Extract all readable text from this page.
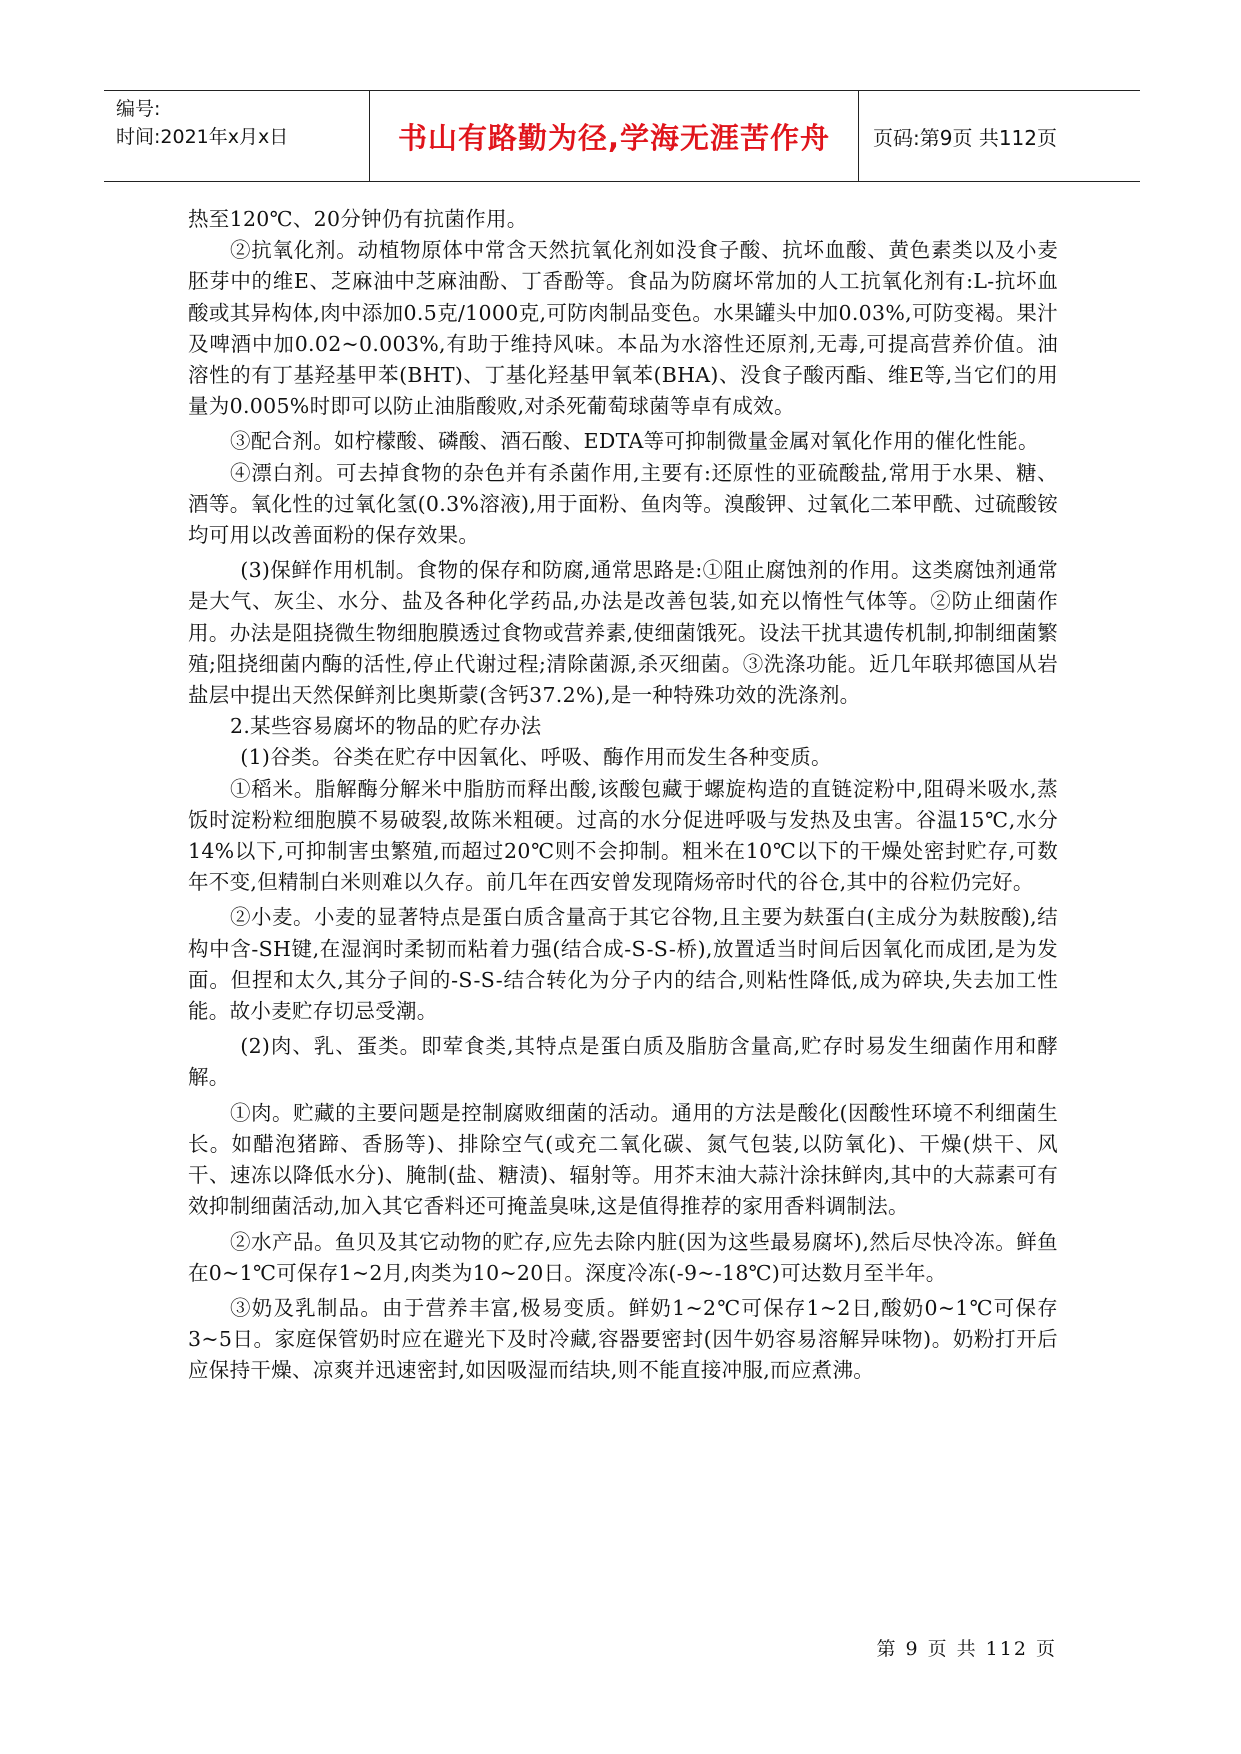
编号:
时间:2021年x月x日	书山有路勤为径,学海无涯苦作舟 页码:第9页 共112页

热至120℃、20分钟仍有抗菌作用。

②抗氧化剂。动植物原体中常含天然抗氧化剂如没食子酸、抗坏血酸、黄色素类以及小麦胚芽中的维E、芝麻油中芝麻油酚、丁香酚等。食品为防腐坏常加的人工抗氧化剂有:L-抗坏血酸或其异构体,肉中添加0.5克/1000克,可防肉制品变色。水果罐头中加0.03%,可防变褐。果汁及啤酒中加0.02~0.003%,有助于维持风味。本品为水溶性还原剂,无毒,可提高营养价值。油溶性的有丁基羟基甲苯(BHT)、丁基化羟基甲氧苯(BHA)、没食子酸丙酯、维E等,当它们的用量为0.005%时即可以防止油脂酸败,对杀死葡萄球菌等卓有成效。

③配合剂。如柠檬酸、磷酸、酒石酸、EDTA等可抑制微量金属对氧化作用的催化性能。

④漂白剂。可去掉食物的杂色并有杀菌作用,主要有:还原性的亚硫酸盐,常用于水果、糖、酒等。氧化性的过氧化氢(0.3%溶液),用于面粉、鱼肉等。溴酸钾、过氧化二苯甲酰、过硫酸铵均可用以改善面粉的保存效果。

(3)保鲜作用机制。食物的保存和防腐,通常思路是:①阻止腐蚀剂的作用。这类腐蚀剂通常是大气、灰尘、水分、盐及各种化学药品,办法是改善包装,如充以惰性气体等。②防止细菌作用。办法是阻挠微生物细胞膜透过食物或营养素,使细菌饿死。设法干扰其遗传机制,抑制细菌繁殖;阻挠细菌内酶的活性,停止代谢过程;清除菌源,杀灭细菌。③洗涤功能。近几年联邦德国从岩盐层中提出天然保鲜剂比奥斯蒙(含钙37.2%),是一种特殊功效的洗涤剂。

2.某些容易腐坏的物品的贮存办法

(1)谷类。谷类在贮存中因氧化、呼吸、酶作用而发生各种变质。

①稻米。脂解酶分解米中脂肪而释出酸,该酸包藏于螺旋构造的直链淀粉中,阻碍米吸水,蒸饭时淀粉粒细胞膜不易破裂,故陈米粗硬。过高的水分促进呼吸与发热及虫害。谷温15℃,水分14%以下,可抑制害虫繁殖,而超过20℃则不会抑制。粗米在10℃以下的干燥处密封贮存,可数年不变,但精制白米则难以久存。前几年在西安曾发现隋炀帝时代的谷仓,其中的谷粒仍完好。

②小麦。小麦的显著特点是蛋白质含量高于其它谷物,且主要为麸蛋白(主成分为麸胺酸),结构中含-SH键,在湿润时柔韧而粘着力强(结合成-S-S-桥),放置适当时间后因氧化而成团,是为发面。但捏和太久,其分子间的-S-S-结合转化为分子内的结合,则粘性降低,成为碎块,失去加工性能。故小麦贮存切忌受潮。

(2)肉、乳、蛋类。即荤食类,其特点是蛋白质及脂肪含量高,贮存时易发生细菌作用和酵解。

①肉。贮藏的主要问题是控制腐败细菌的活动。通用的方法是酸化(因酸性环境不利细菌生长。如醋泡猪蹄、香肠等)、排除空气(或充二氧化碳、氮气包装,以防氧化)、干燥(烘干、风干、速冻以降低水分)、腌制(盐、糖渍)、辐射等。用芥末油大蒜汁涂抹鲜肉,其中的大蒜素可有效抑制细菌活动,加入其它香料还可掩盖臭味,这是值得推荐的家用香料调制法。

②水产品。鱼贝及其它动物的贮存,应先去除内脏(因为这些最易腐坏),然后尽快冷冻。鲜鱼在0~1℃可保存1~2月,肉类为10~20日。深度冷冻(-9~-18℃)可达数月至半年。

③奶及乳制品。由于营养丰富,极易变质。鲜奶1~2℃可保存1~2日,酸奶0~1℃可保存3~5日。家庭保管奶时应在避光下及时冷藏,容器要密封(因牛奶容易溶解异味物)。奶粉打开后应保持干燥、凉爽并迅速密封,如因吸湿而结块,则不能直接冲服,而应煮沸。

第 9 页 共 112 页
